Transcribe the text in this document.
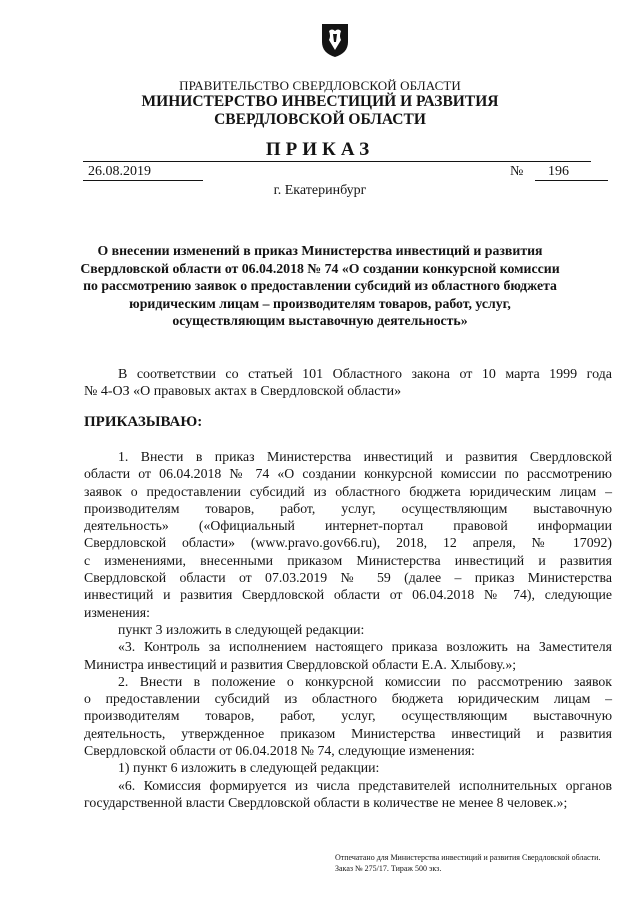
ПРАВИТЕЛЬСТВО СВЕРДЛОВСКОЙ ОБЛАСТИ
МИНИСТЕРСТВО ИНВЕСТИЦИЙ И РАЗВИТИЯ
СВЕРДЛОВСКОЙ ОБЛАСТИ
ПРИКАЗ
26.08.2019	№ 196
г. Екатеринбург
О внесении изменений в приказ Министерства инвестиций и развития
Свердловской области от 06.04.2018 № 74 «О создании конкурсной комиссии
по рассмотрению заявок о предоставлении субсидий из областного бюджета
юридическим лицам – производителям товаров, работ, услуг,
осуществляющим выставочную деятельность»
В соответствии со статьей 101 Областного закона от 10 марта 1999 года
№ 4-ОЗ «О правовых актах в Свердловской области»
ПРИКАЗЫВАЮ:
1. Внести в приказ Министерства инвестиций и развития Свердловской
области от 06.04.2018 № 74 «О создании конкурсной комиссии по рассмотрению
заявок о предоставлении субсидий из областного бюджета юридическим лицам –
производителям товаров, работ, услуг, осуществляющим выставочную
деятельность» («Официальный интернет-портал правовой информации
Свердловской области» (www.pravo.gov66.ru), 2018, 12 апреля, № 17092)
с изменениями, внесенными приказом Министерства инвестиций и развития
Свердловской области от 07.03.2019 № 59 (далее – приказ Министерства
инвестиций и развития Свердловской области от 06.04.2018 № 74), следующие
изменения:
пункт 3 изложить в следующей редакции:
«3. Контроль за исполнением настоящего приказа возложить на Заместителя
Министра инвестиций и развития Свердловской области Е.А. Хлыбову.»;
2. Внести в положение о конкурсной комиссии по рассмотрению заявок
о предоставлении субсидий из областного бюджета юридическим лицам –
производителям товаров, работ, услуг, осуществляющим выставочную
деятельность, утвержденное приказом Министерства инвестиций и развития
Свердловской области от 06.04.2018 № 74, следующие изменения:
1) пункт 6 изложить в следующей редакции:
«6. Комиссия формируется из числа представителей исполнительных органов
государственной власти Свердловской области в количестве не менее 8 человек.»;
Отпечатано для Министерства инвестиций и развития Свердловской области.
Заказ № 275/17. Тираж 500 экз.
